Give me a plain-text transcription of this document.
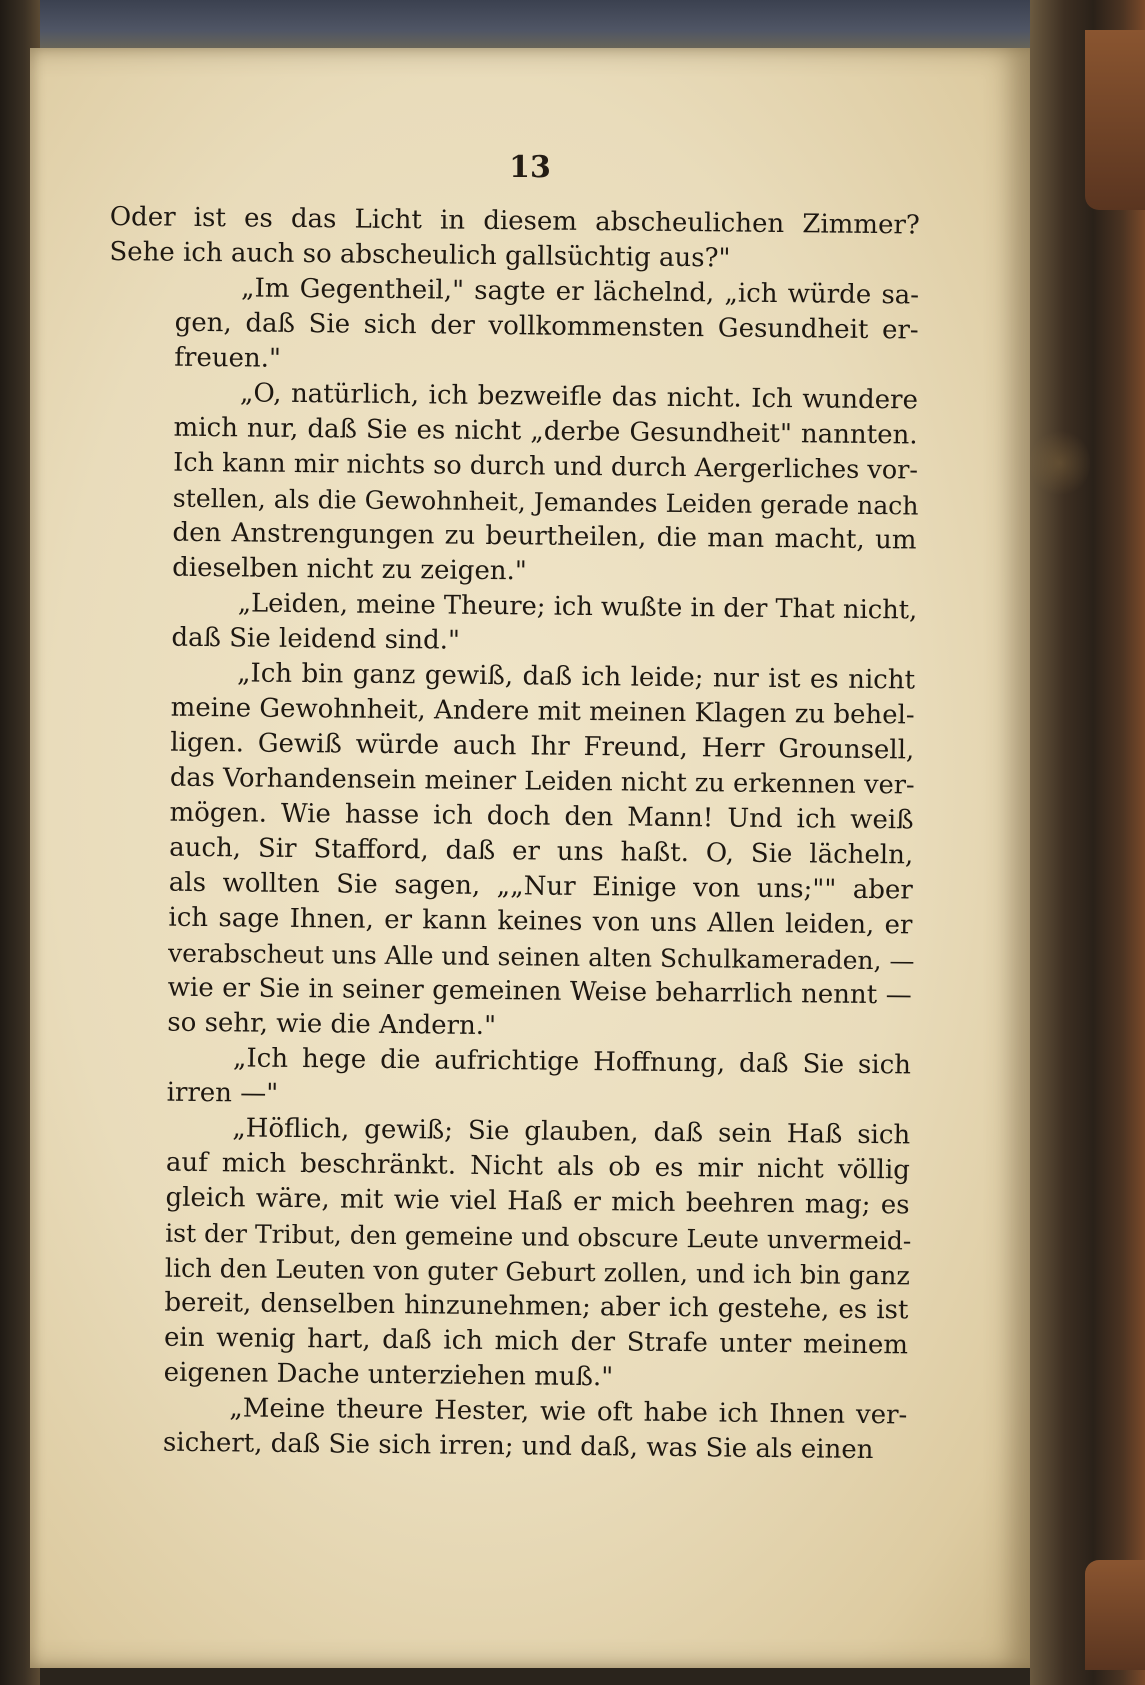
13
Oder ist es das Licht in diesem abscheulichen Zimmer?
Sehe ich auch so abscheulich gallsüchtig aus?"
„Im Gegentheil," sagte er lächelnd, „ich würde sa-
gen, daß Sie sich der vollkommensten Gesundheit er-
freuen."
„O, natürlich, ich bezweifle das nicht. Ich wundere
mich nur, daß Sie es nicht „derbe Gesundheit" nannten.
Ich kann mir nichts so durch und durch Aergerliches vor-
stellen, als die Gewohnheit, Jemandes Leiden gerade nach
den Anstrengungen zu beurtheilen, die man macht, um
dieselben nicht zu zeigen."
„Leiden, meine Theure; ich wußte in der That nicht,
daß Sie leidend sind."
„Ich bin ganz gewiß, daß ich leide; nur ist es nicht
meine Gewohnheit, Andere mit meinen Klagen zu behel-
ligen. Gewiß würde auch Ihr Freund, Herr Grounsell,
das Vorhandensein meiner Leiden nicht zu erkennen ver-
mögen. Wie hasse ich doch den Mann! Und ich weiß
auch, Sir Stafford, daß er uns haßt. O, Sie lächeln,
als wollten Sie sagen, „„Nur Einige von uns;"" aber
ich sage Ihnen, er kann keines von uns Allen leiden, er
verabscheut uns Alle und seinen alten Schulkameraden, —
wie er Sie in seiner gemeinen Weise beharrlich nennt —
so sehr, wie die Andern."
„Ich hege die aufrichtige Hoffnung, daß Sie sich
irren —"
„Höflich, gewiß; Sie glauben, daß sein Haß sich
auf mich beschränkt. Nicht als ob es mir nicht völlig
gleich wäre, mit wie viel Haß er mich beehren mag; es
ist der Tribut, den gemeine und obscure Leute unvermeid-
lich den Leuten von guter Geburt zollen, und ich bin ganz
bereit, denselben hinzunehmen; aber ich gestehe, es ist
ein wenig hart, daß ich mich der Strafe unter meinem
eigenen Dache unterziehen muß."
„Meine theure Hester, wie oft habe ich Ihnen ver-
sichert, daß Sie sich irren; und daß, was Sie als einen
